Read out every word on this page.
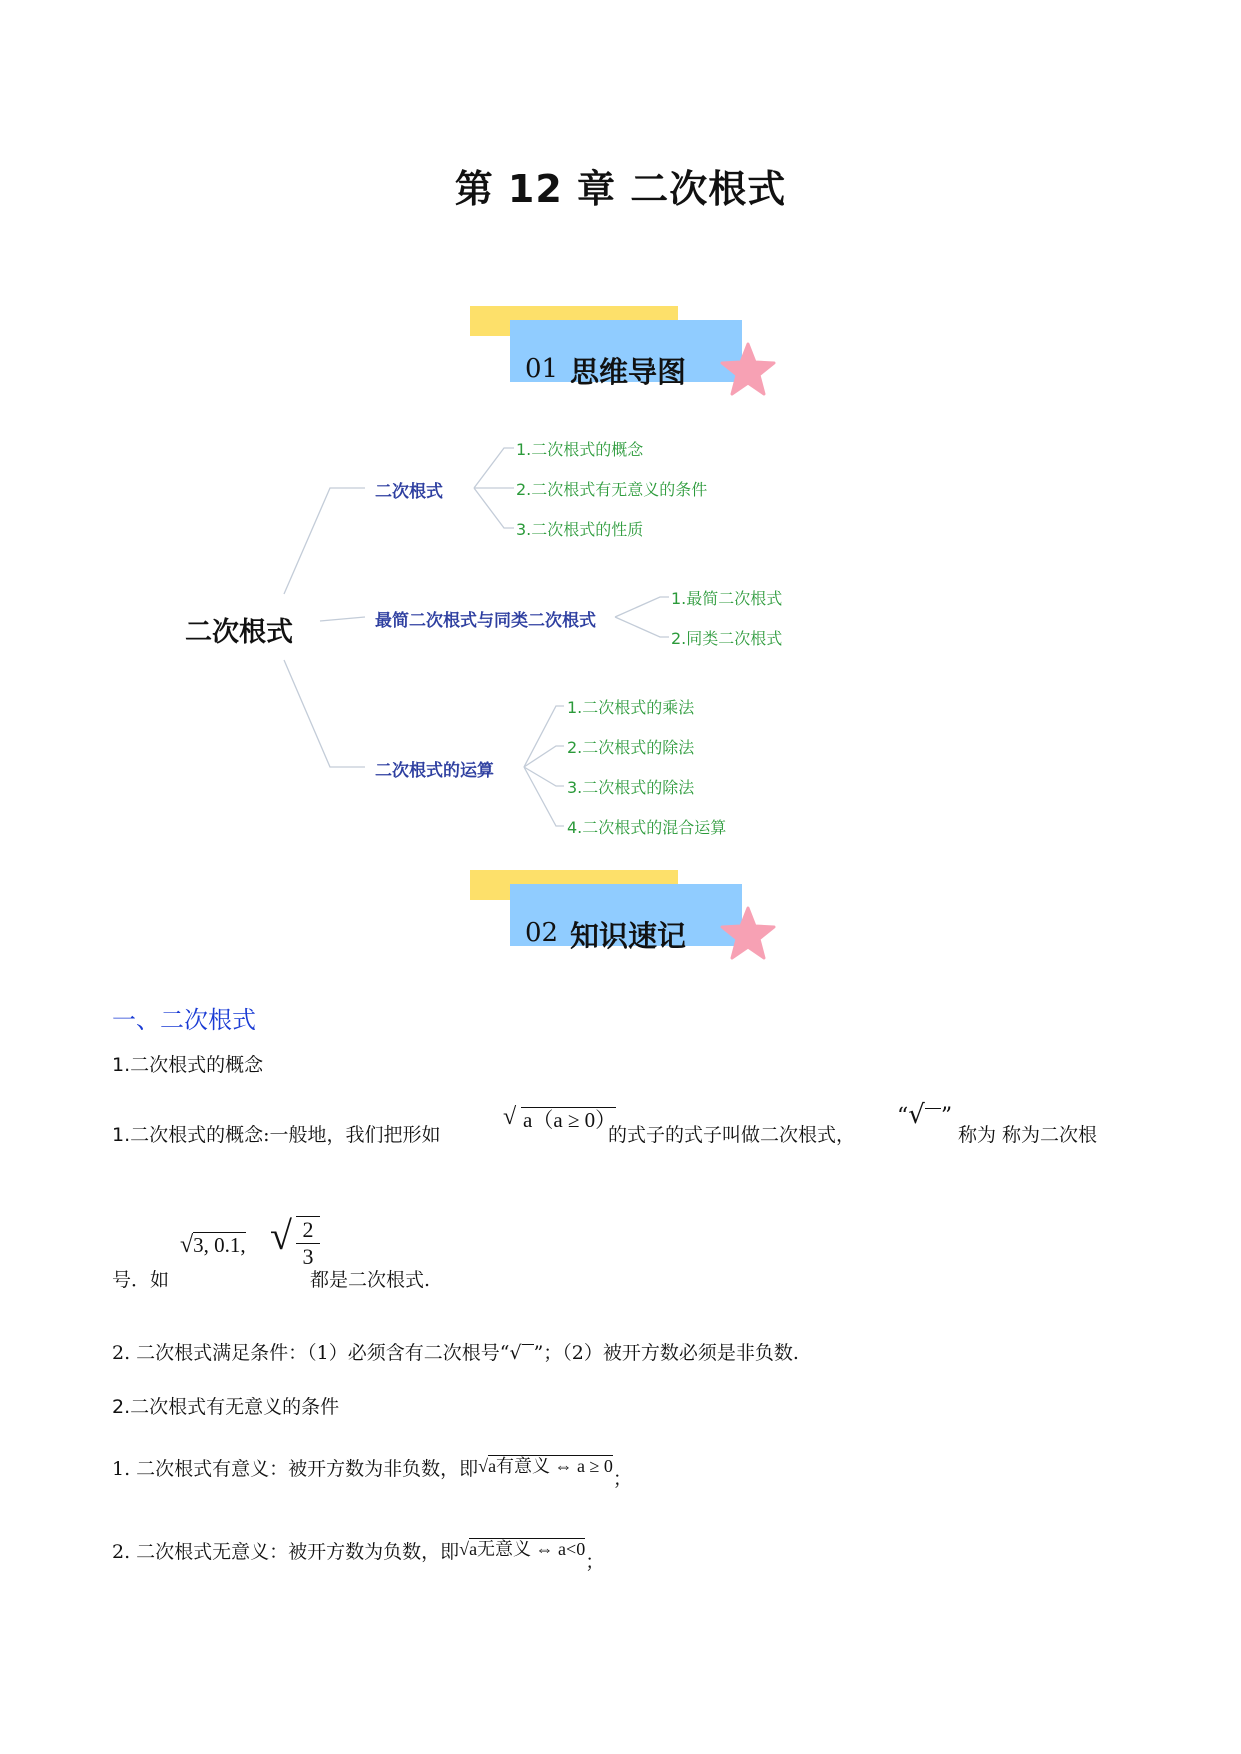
第 12 章 二次根式
01 思维导图
二次根式
二次根式
最简二次根式与同类二次根式
二次根式的运算
1.二次根式的概念
2.二次根式有无意义的条件
3.二次根式的性质
1.最简二次根式
2.同类二次根式
1.二次根式的乘法
2.二次根式的除法
3.二次根式的除法
4.二次根式的混合运算
02 知识速记
一、二次根式
1.二次根式的概念
1.二次根式的概念:一般地，我们把形如
√ a（a ≥ 0）
的式子的式子叫做二次根式，
“√ ”
称为 称为二次根
号．如
√3, 0.1, √ 2
3
都是二次根式.
2. 二次根式满足条件：（1）必须含有二次根号“√ ”；（2）被开方数必须是非负数.
2.二次根式有无意义的条件
1. 二次根式有意义：被开方数为非负数，即√a有意义 ⇔ a ≥ 0；
2. 二次根式无意义：被开方数为负数，即√a无意义 ⇔ a<0；
